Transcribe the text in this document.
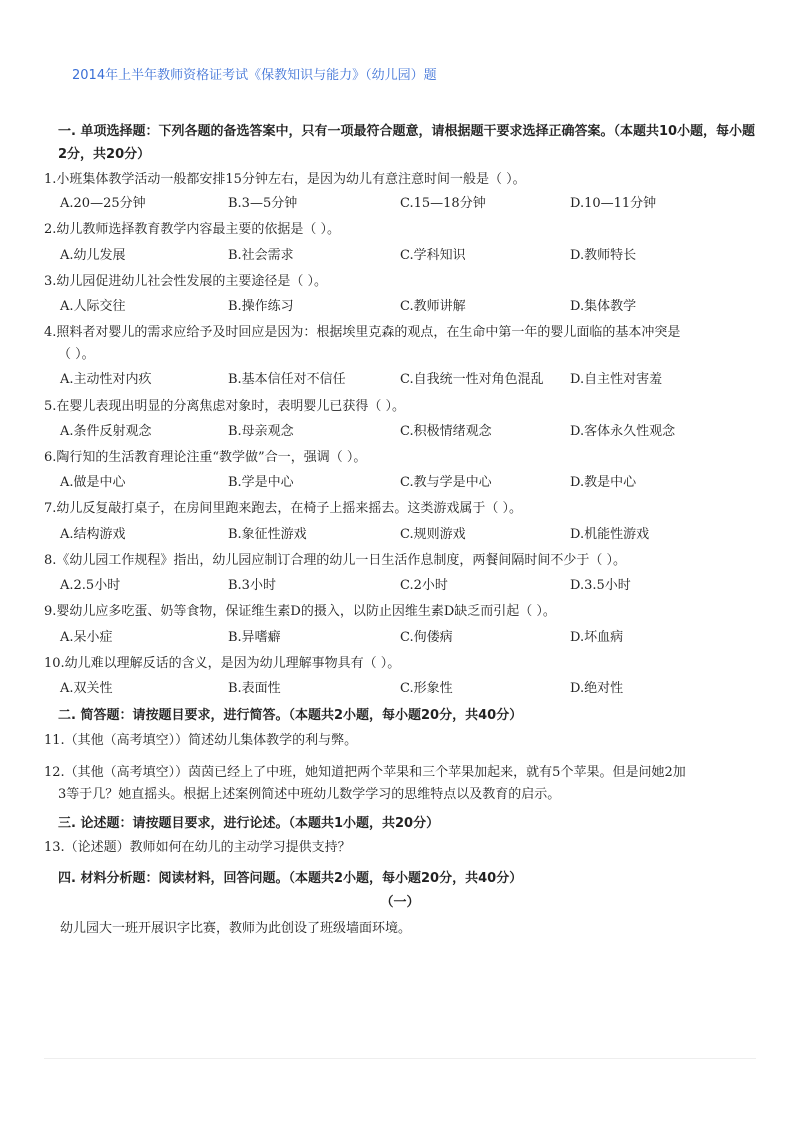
2014年上半年教师资格证考试《保教知识与能力》（幼儿园）题
一. 单项选择题：下列各题的备选答案中，只有一项最符合题意，请根据题干要求选择正确答案。（本题共10小题，每小题2分，共20分）
1.小班集体教学活动一般都安排15分钟左右，是因为幼儿有意注意时间一般是（ ）。
A.20—25分钟	B.3—5分钟	C.15—18分钟	D.10—11分钟
2.幼儿教师选择教育教学内容最主要的依据是（ ）。
A.幼儿发展	B.社会需求	C.学科知识	D.教师特长
3.幼儿园促进幼儿社会性发展的主要途径是（ ）。
A.人际交往	B.操作练习	C.教师讲解	D.集体教学
4.照料者对婴儿的需求应给予及时回应是因为：根据埃里克森的观点，在生命中第一年的婴儿面临的基本冲突是
（ ）。
A.主动性对内疚	B.基本信任对不信任	C.自我统一性对角色混乱 D.自主性对害羞
5.在婴儿表现出明显的分离焦虑对象时，表明婴儿已获得（ ）。
A.条件反射观念	B.母亲观念	C.积极情绪观念	D.客体永久性观念
6.陶行知的生活教育理论注重“教学做”合一，强调（ ）。
A.做是中心	B.学是中心	C.教与学是中心	D.教是中心
7.幼儿反复敲打桌子，在房间里跑来跑去，在椅子上摇来摇去。这类游戏属于（ ）。
A.结构游戏	B.象征性游戏	C.规则游戏	D.机能性游戏
8.《幼儿园工作规程》指出，幼儿园应制订合理的幼儿一日生活作息制度，两餐间隔时间不少于（ ）。
A.2.5小时	B.3小时	C.2小时	D.3.5小时
9.婴幼儿应多吃蛋、奶等食物，保证维生素D的摄入，以防止因维生素D缺乏而引起（ ）。
A.呆小症	B.异嗜癖	C.佝偻病	D.坏血病
10.幼儿难以理解反话的含义，是因为幼儿理解事物具有（ ）。
A.双关性	B.表面性	C.形象性	D.绝对性
二. 简答题：请按题目要求，进行简答。（本题共2小题，每小题20分，共40分）
11.（其他（高考填空））简述幼儿集体教学的利与弊。
12.（其他（高考填空））茵茵已经上了中班，她知道把两个苹果和三个苹果加起来，就有5个苹果。但是问她2加
3等于几？她直摇头。根据上述案例简述中班幼儿数学学习的思维特点以及教育的启示。
三. 论述题：请按题目要求，进行论述。（本题共1小题，共20分）
13.（论述题）教师如何在幼儿的主动学习提供支持？
四. 材料分析题：阅读材料，回答问题。（本题共2小题，每小题20分，共40分）
（一）
幼儿园大一班开展识字比赛，教师为此创设了班级墙面环境。
